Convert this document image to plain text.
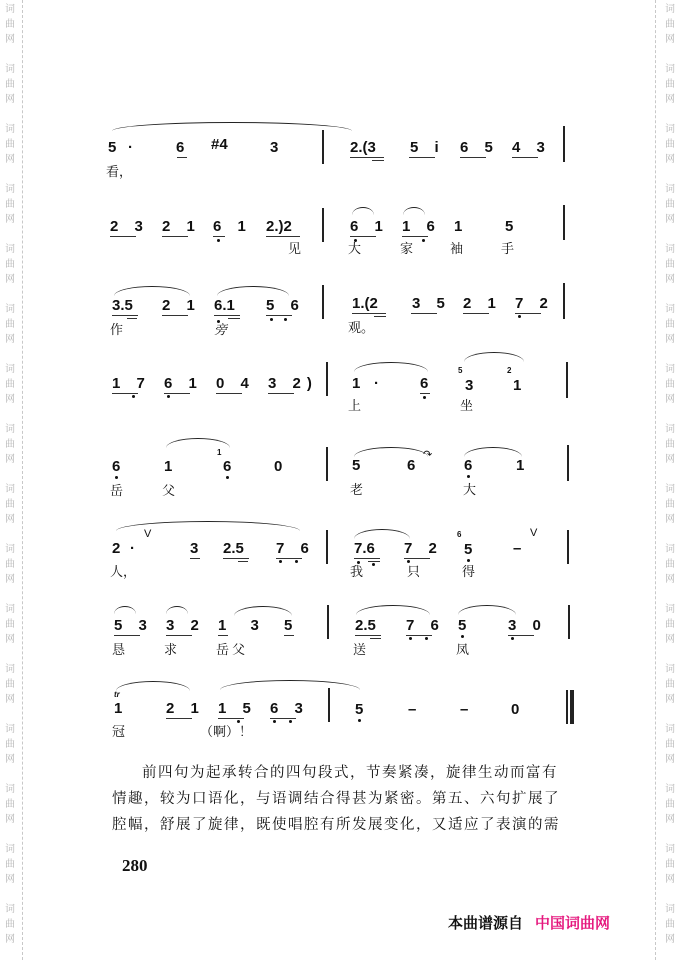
词
曲
网
词
曲
网
词
曲
网
词
曲
网
词
曲
网
词
曲
网
词
曲
网
词
曲
网
词
曲
网
词
曲
网
词
曲
网
词
曲
网
词
曲
网
词
曲
网
词
曲
网
词
曲
网
词
曲
网
词
曲
网
词
曲
网
词
曲
网
词
曲
网
词
曲
网
词
曲
网
词
曲
网
词
曲
网
词
曲
网
词
曲
网
词
曲
网
词
曲
网
词
曲
网
词
曲
网
词
曲
网
5 ·	6 #4	3
看，
2.(3 5 i 6 5 4 3
2 3 2 1 6 1 2.)2
见
6 1 1 6 1	5
大	家	袖	手
3.5 2 1 6.1 5 6
作	旁
1.(2 3 5 2 1 7 2
观。
1 7 6 1 0 4 3 2) 1 ·	6
5
3
2
1
上	坐
6	1
1
6	0
岳	父
5	6
↷
6	1
老	大
V
2 ·	3 2.5 7 6
人，
7.6 7 2
6
5	–
V
我	只	得
5 3 3 2 1 3 5
恳	求	岳父
2.5 7 6 5	3 0
送	凤
tr
1	2 1 1 5 6 3
冠	（啊）！
5	–	–	0
前四句为起承转合的四句段式，节奏紧凑，旋律生动而富有
情趣，较为口语化，与语调结合得甚为紧密。第五、六句扩展了
腔幅，舒展了旋律，既使唱腔有所发展变化，又适应了表演的需
280
本曲谱源自 中国词曲网
